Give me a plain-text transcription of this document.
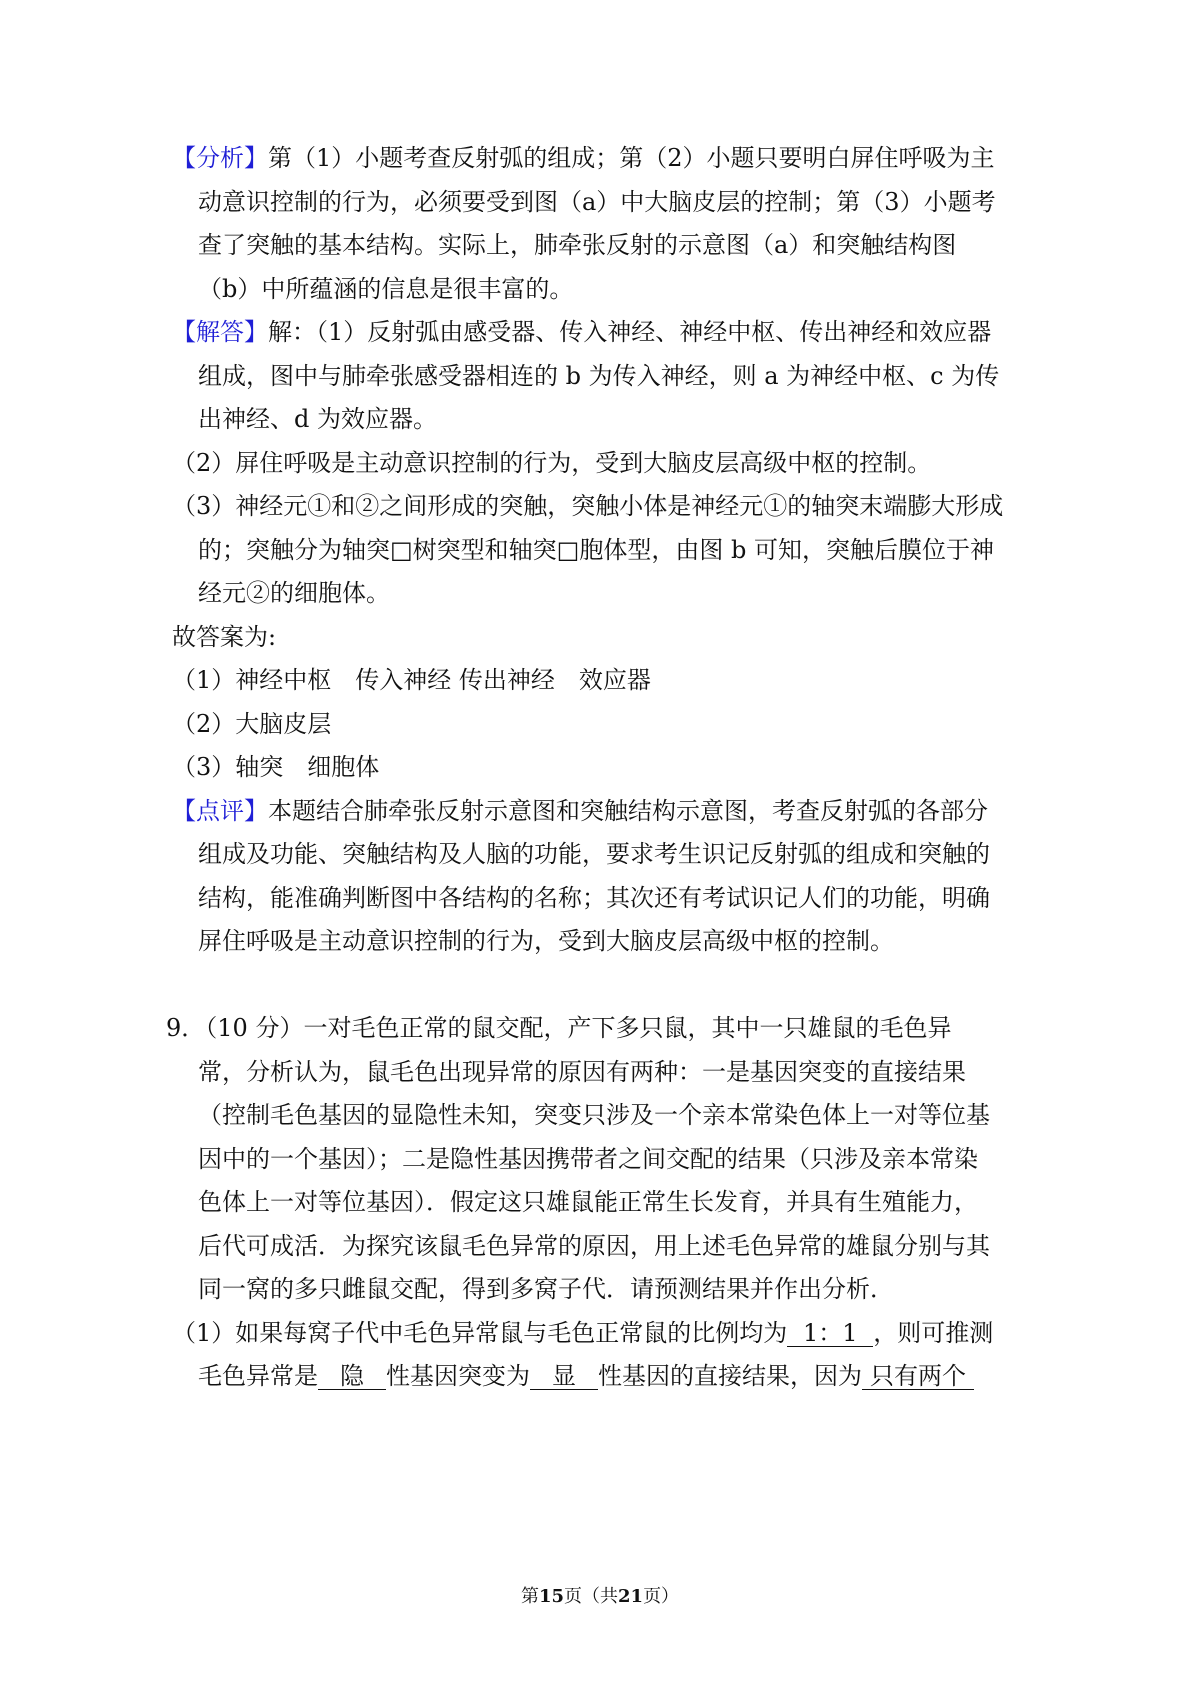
【分析】第（1）小题考查反射弧的组成；第（2）小题只要明白屏住呼吸为主
动意识控制的行为，必须要受到图（a）中大脑皮层的控制；第（3）小题考
查了突触的基本结构。实际上，肺牵张反射的示意图（a）和突触结构图
（b）中所蕴涵的信息是很丰富的。
【解答】解：（1）反射弧由感受器、传入神经、神经中枢、传出神经和效应器
组成，图中与肺牵张感受器相连的 b 为传入神经，则 a 为神经中枢、c 为传
出神经、d 为效应器。
（2）屏住呼吸是主动意识控制的行为，受到大脑皮层高级中枢的控制。
（3）神经元①和②之间形成的突触，突触小体是神经元①的轴突末端膨大形成
的；突触分为轴突□树突型和轴突□胞体型，由图 b 可知，突触后膜位于神
经元②的细胞体。
故答案为:
（1）神经中枢　传入神经 传出神经　效应器
（2）大脑皮层
（3）轴突　细胞体
【点评】本题结合肺牵张反射示意图和突触结构示意图，考查反射弧的各部分
组成及功能、突触结构及人脑的功能，要求考生识记反射弧的组成和突触的
结构，能准确判断图中各结构的名称；其次还有考试识记人们的功能，明确
屏住呼吸是主动意识控制的行为，受到大脑皮层高级中枢的控制。
9．（10 分）一对毛色正常的鼠交配，产下多只鼠，其中一只雄鼠的毛色异
常，分析认为，鼠毛色出现异常的原因有两种：一是基因突变的直接结果
（控制毛色基因的显隐性未知，突变只涉及一个亲本常染色体上一对等位基
因中的一个基因）；二是隐性基因携带者之间交配的结果（只涉及亲本常染
色体上一对等位基因）．假定这只雄鼠能正常生长发育，并具有生殖能力，
后代可成活．为探究该鼠毛色异常的原因，用上述毛色异常的雄鼠分别与其
同一窝的多只雌鼠交配，得到多窝子代．请预测结果并作出分析．
（1）如果每窝子代中毛色异常鼠与毛色正常鼠的比例均为 1：1 ，则可推测
毛色异常是 隐 性基因突变为 显 性基因的直接结果，因为 只有两个
第15页（共21页）
